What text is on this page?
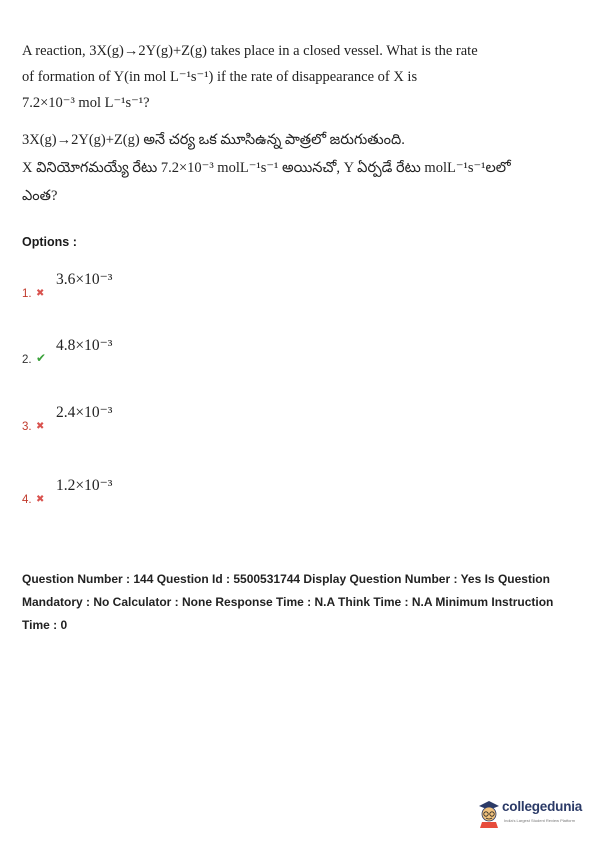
A reaction, 3X(g)→2Y(g)+Z(g) takes place in a closed vessel. What is the rate
of formation of Y(in mol L⁻¹s⁻¹) if the rate of disappearance of X is
7.2×10⁻³ mol L⁻¹s⁻¹?
3X(g)→2Y(g)+Z(g) అనే చర్య ఒక మూసిఉన్న పాత్రలో జరుగుతుంది.
X వినియోగమయ్యే రేటు 7.2×10⁻³ molL⁻¹s⁻¹ అయినచో, Y ఏర్పడే రేటు molL⁻¹s⁻¹లలో
ఎంత?
Options :
1. ✖
3.6×10⁻³
2. ✔
4.8×10⁻³
3. ✖
2.4×10⁻³
4. ✖
1.2×10⁻³
Question Number : 144 Question Id : 5500531744 Display Question Number : Yes Is Question Mandatory : No Calculator : None Response Time : N.A Think Time : N.A Minimum Instruction Time : 0
collegedunia
India's Largest Student Review Platform
